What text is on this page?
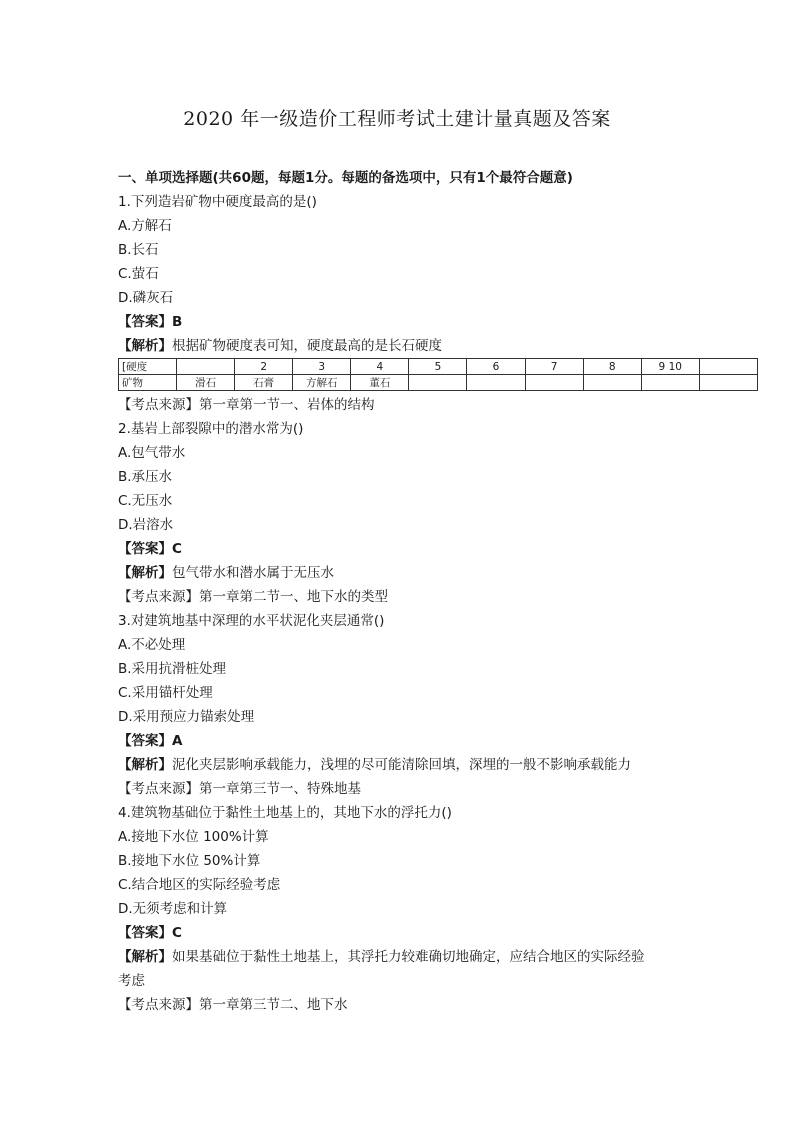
2020 年一级造价工程师考试土建计量真题及答案
一、单项选择题(共60题，每题1分。每题的备选项中，只有1个最符合题意)
1.下列造岩矿物中硬度最高的是()
A.方解石
B.长石
C.萤石
D.磷灰石
【答案】B
【解析】根据矿物硬度表可知，硬度最高的是长石硬度
[硬度		2	3	4	5	6	7	8	9 10	
矿物	滑石	石膏	方解石	董石						
【考点来源】第一章第一节一、岩体的结构
2.基岩上部裂隙中的潜水常为()
A.包气带水
B.承压水
C.无压水
D.岩溶水
【答案】C
【解析】包气带水和潜水属于无压水
【考点来源】第一章第二节一、地下水的类型
3.对建筑地基中深理的水平状泥化夹层通常()
A.不必处理
B.采用抗滑桩处理
C.采用锚杆处理
D.采用预应力锚索处理
【答案】A
【解析】泥化夹层影响承载能力，浅埋的尽可能清除回填，深埋的一般不影响承载能力
【考点来源】第一章第三节一、特殊地基
4.建筑物基础位于黏性土地基上的，其地下水的浮托力()
A.接地下水位 100%计算
B.接地下水位 50%计算
C.结合地区的实际经验考虑
D.无须考虑和计算
【答案】C
【解析】如果基础位于黏性土地基上，其浮托力较难确切地确定，应结合地区的实际经验
考虑
【考点来源】第一章第三节二、地下水
